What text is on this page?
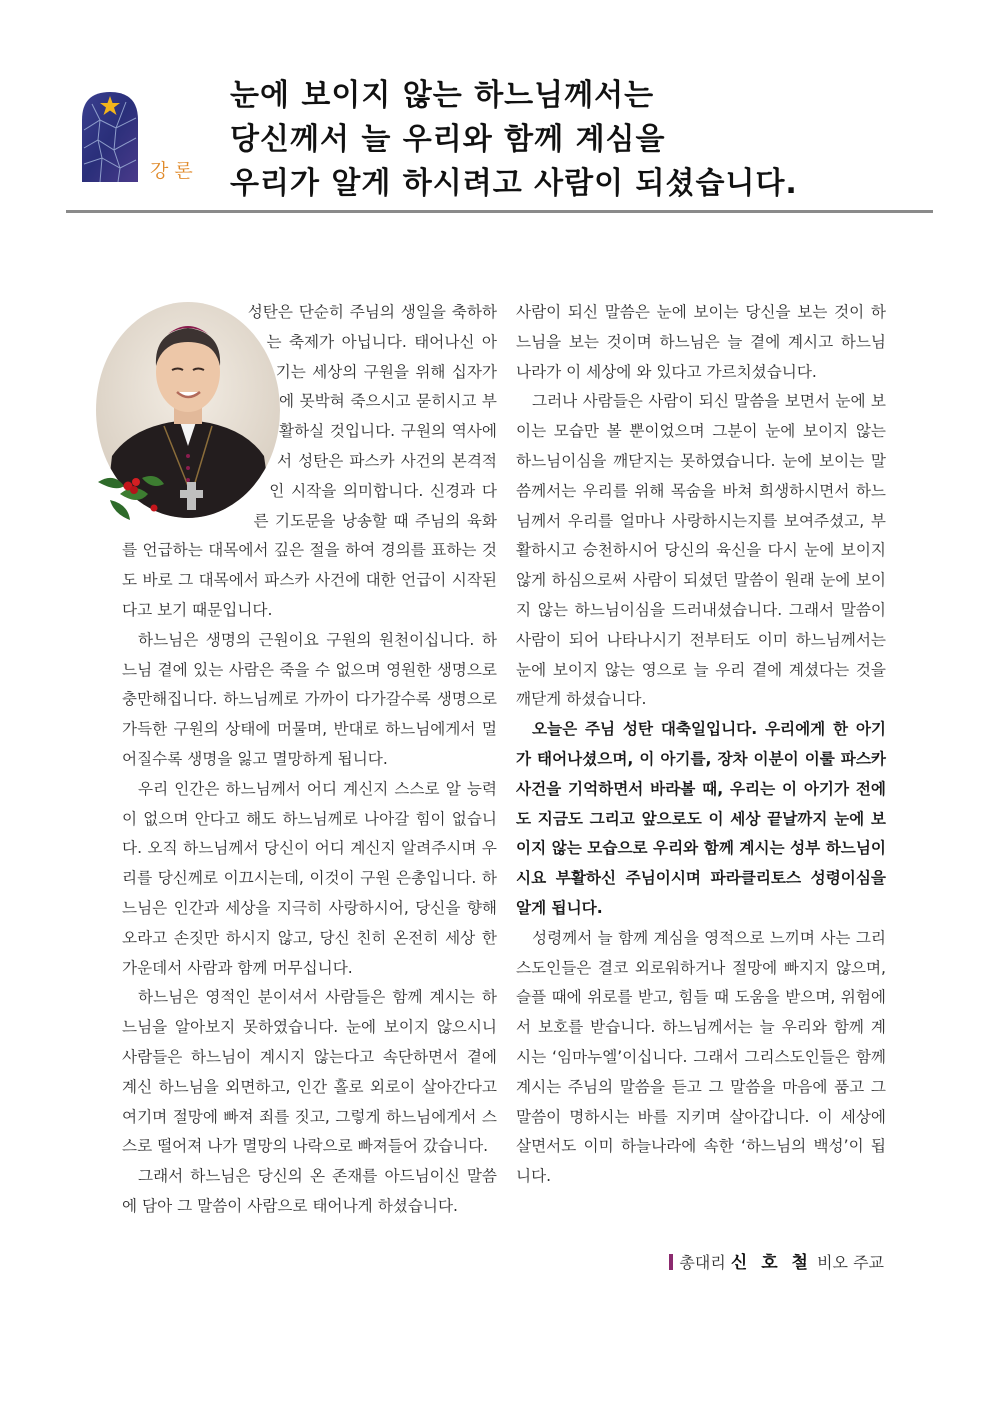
강론
눈에 보이지 않는 하느님께서는
당신께서 늘 우리와 함께 계심을
우리가 알게 하시려고 사람이 되셨습니다.

성탄은 단순히 주님의 생일을 축하하는 축제가 아닙니다. 태어나신 아기는 세상의 구원을 위해 십자가에 못박혀 죽으시고 묻히시고 부활하실 것입니다. 구원의 역사에서 성탄은 파스카 사건의 본격적인 시작을 의미합니다. 신경과 다른 기도문을 낭송할 때 주님의 육화를 언급하는 대목에서 깊은 절을 하여 경의를 표하는 것도 바로 그 대목에서 파스카 사건에 대한 언급이 시작된다고 보기 때문입니다.

하느님은 생명의 근원이요 구원의 원천이십니다. 하느님 곁에 있는 사람은 죽을 수 없으며 영원한 생명으로 충만해집니다. 하느님께로 가까이 다가갈수록 생명으로 가득한 구원의 상태에 머물며, 반대로 하느님에게서 멀어질수록 생명을 잃고 멸망하게 됩니다.

우리 인간은 하느님께서 어디 계신지 스스로 알 능력이 없으며 안다고 해도 하느님께로 나아갈 힘이 없습니다. 오직 하느님께서 당신이 어디 계신지 알려주시며 우리를 당신께로 이끄시는데, 이것이 구원 은총입니다. 하느님은 인간과 세상을 지극히 사랑하시어, 당신을 향해 오라고 손짓만 하시지 않고, 당신 친히 온전히 세상 한가운데서 사람과 함께 머무십니다.

하느님은 영적인 분이셔서 사람들은 함께 계시는 하느님을 알아보지 못하였습니다. 눈에 보이지 않으시니 사람들은 하느님이 계시지 않는다고 속단하면서 곁에 계신 하느님을 외면하고, 인간 홀로 외로이 살아간다고 여기며 절망에 빠져 죄를 짓고, 그렇게 하느님에게서 스스로 떨어져 나가 멸망의 나락으로 빠져들어 갔습니다.

그래서 하느님은 당신의 온 존재를 아드님이신 말씀에 담아 그 말씀이 사람으로 태어나게 하셨습니다.

사람이 되신 말씀은 눈에 보이는 당신을 보는 것이 하느님을 보는 것이며 하느님은 늘 곁에 계시고 하느님 나라가 이 세상에 와 있다고 가르치셨습니다.

그러나 사람들은 사람이 되신 말씀을 보면서 눈에 보이는 모습만 볼 뿐이었으며 그분이 눈에 보이지 않는 하느님이심을 깨닫지는 못하였습니다. 눈에 보이는 말씀께서는 우리를 위해 목숨을 바쳐 희생하시면서 하느님께서 우리를 얼마나 사랑하시는지를 보여주셨고, 부활하시고 승천하시어 당신의 육신을 다시 눈에 보이지 않게 하심으로써 사람이 되셨던 말씀이 원래 눈에 보이지 않는 하느님이심을 드러내셨습니다. 그래서 말씀이 사람이 되어 나타나시기 전부터도 이미 하느님께서는 눈에 보이지 않는 영으로 늘 우리 곁에 계셨다는 것을 깨닫게 하셨습니다.

오늘은 주님 성탄 대축일입니다. 우리에게 한 아기가 태어나셨으며, 이 아기를, 장차 이분이 이룰 파스카 사건을 기억하면서 바라볼 때, 우리는 이 아기가 전에도 지금도 그리고 앞으로도 이 세상 끝날까지 눈에 보이지 않는 모습으로 우리와 함께 계시는 성부 하느님이시요 부활하신 주님이시며 파라클리토스 성령이심을 알게 됩니다.

성령께서 늘 함께 계심을 영적으로 느끼며 사는 그리스도인들은 결코 외로워하거나 절망에 빠지지 않으며, 슬플 때에 위로를 받고, 힘들 때 도움을 받으며, 위험에서 보호를 받습니다. 하느님께서는 늘 우리와 함께 계시는 ‘임마누엘’이십니다. 그래서 그리스도인들은 함께 계시는 주님의 말씀을 듣고 그 말씀을 마음에 품고 그 말씀이 명하시는 바를 지키며 살아갑니다. 이 세상에 살면서도 이미 하늘나라에 속한 ‘하느님의 백성’이 됩니다.

총대리 신 호 철 비오 주교
